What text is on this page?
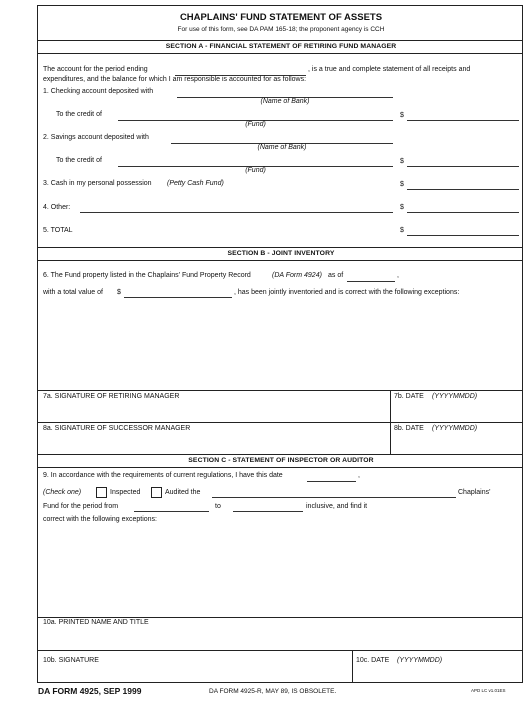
CHAPLAINS' FUND STATEMENT OF ASSETS
For use of this form, see DA PAM 165-18; the proponent agency is CCH
SECTION A - FINANCIAL STATEMENT OF RETIRING FUND MANAGER
The account for the period ending	, is a true and complete statement of all receipts and
expenditures, and the balance for which I am responsible is accounted for as follows:
1. Checking account deposited with
(Name of Bank)
To the credit of
(Fund)
$
2. Savings account deposited with
(Name of Bank)
To the credit of
(Fund)
$
3. Cash in my personal possession (Petty Cash Fund)	$
4. Other:	$
5. TOTAL	$
SECTION B - JOINT INVENTORY
6. The Fund property listed in the Chaplains' Fund Property Record	(DA Form 4924) as of	,
with a total value of $	, has been jointly inventoried and is correct with the following exceptions:
7a. SIGNATURE OF RETIRING MANAGER	7b. DATE (YYYYMMDD)
8a. SIGNATURE OF SUCCESSOR MANAGER	8b. DATE (YYYYMMDD)
SECTION C - STATEMENT OF INSPECTOR OR AUDITOR
9. In accordance with the requirements of current regulations, I have this date	,
(Check one)	Inspected	Audited the	Chaplains'
Fund for the period from	to	inclusive, and find it
correct with the following exceptions:
10a. PRINTED NAME AND TITLE
10b. SIGNATURE	10c. DATE (YYYYMMDD)
DA FORM 4925, SEP 1999	DA FORM 4925-R, MAY 89, IS OBSOLETE.	APD LC v1.01ES
